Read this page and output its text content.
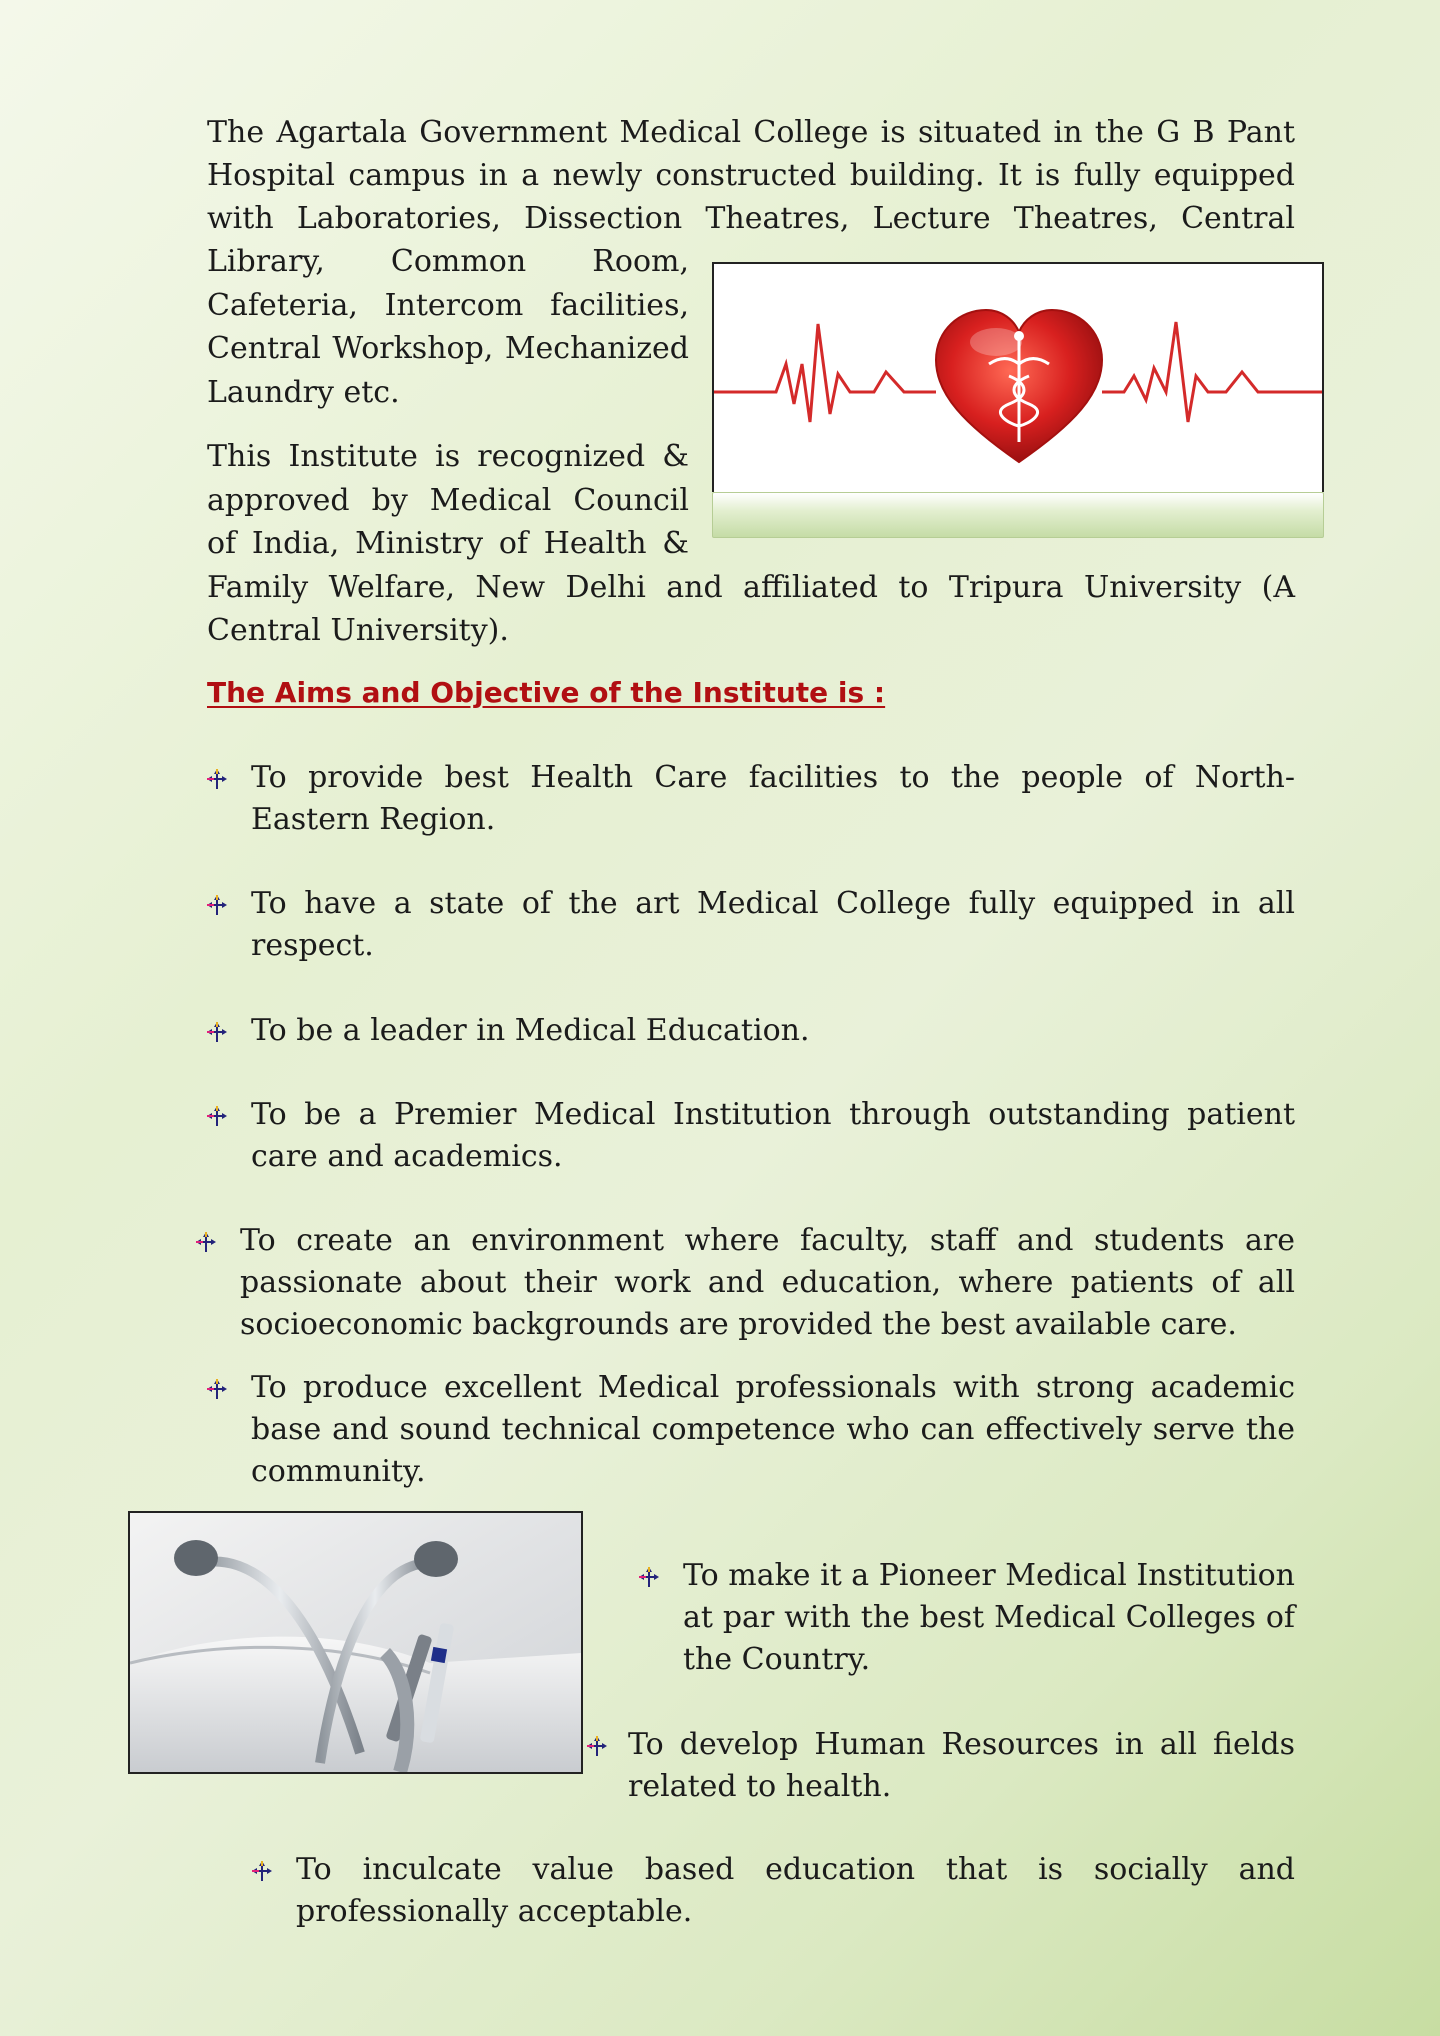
The Agartala Government Medical College is situated in the G B Pant

Hospital campus in a newly constructed building. It is fully equipped

with Laboratories, Dissection Theatres, Lecture Theatres, Central

Library, Common Room,

Cafeteria, Intercom facilities,

Central Workshop, Mechanized

Laundry etc.

This Institute is recognized &

approved by Medical Council

of India, Ministry of Health &

Family Welfare, New Delhi and affiliated to Tripura University (A

Central University).

The Aims and Objective of the Institute is :

To provide best Health Care facilities to the people of North-Eastern Region.
To have a state of the art Medical College fully equipped in all respect.
To be a leader in Medical Education.
To be a Premier Medical Institution through outstanding patient care and academics.
To create an environment where faculty, staff and students are passionate about their work and education, where patients of all socioeconomic backgrounds are provided the best available care.
To produce excellent Medical professionals with strong academic base and sound technical competence who can effectively serve the community.
To make it a Pioneer Medical Institution at par with the best Medical Colleges of the Country.
To develop Human Resources in all fields related to health.
To inculcate value based education that is socially and professionally acceptable.
